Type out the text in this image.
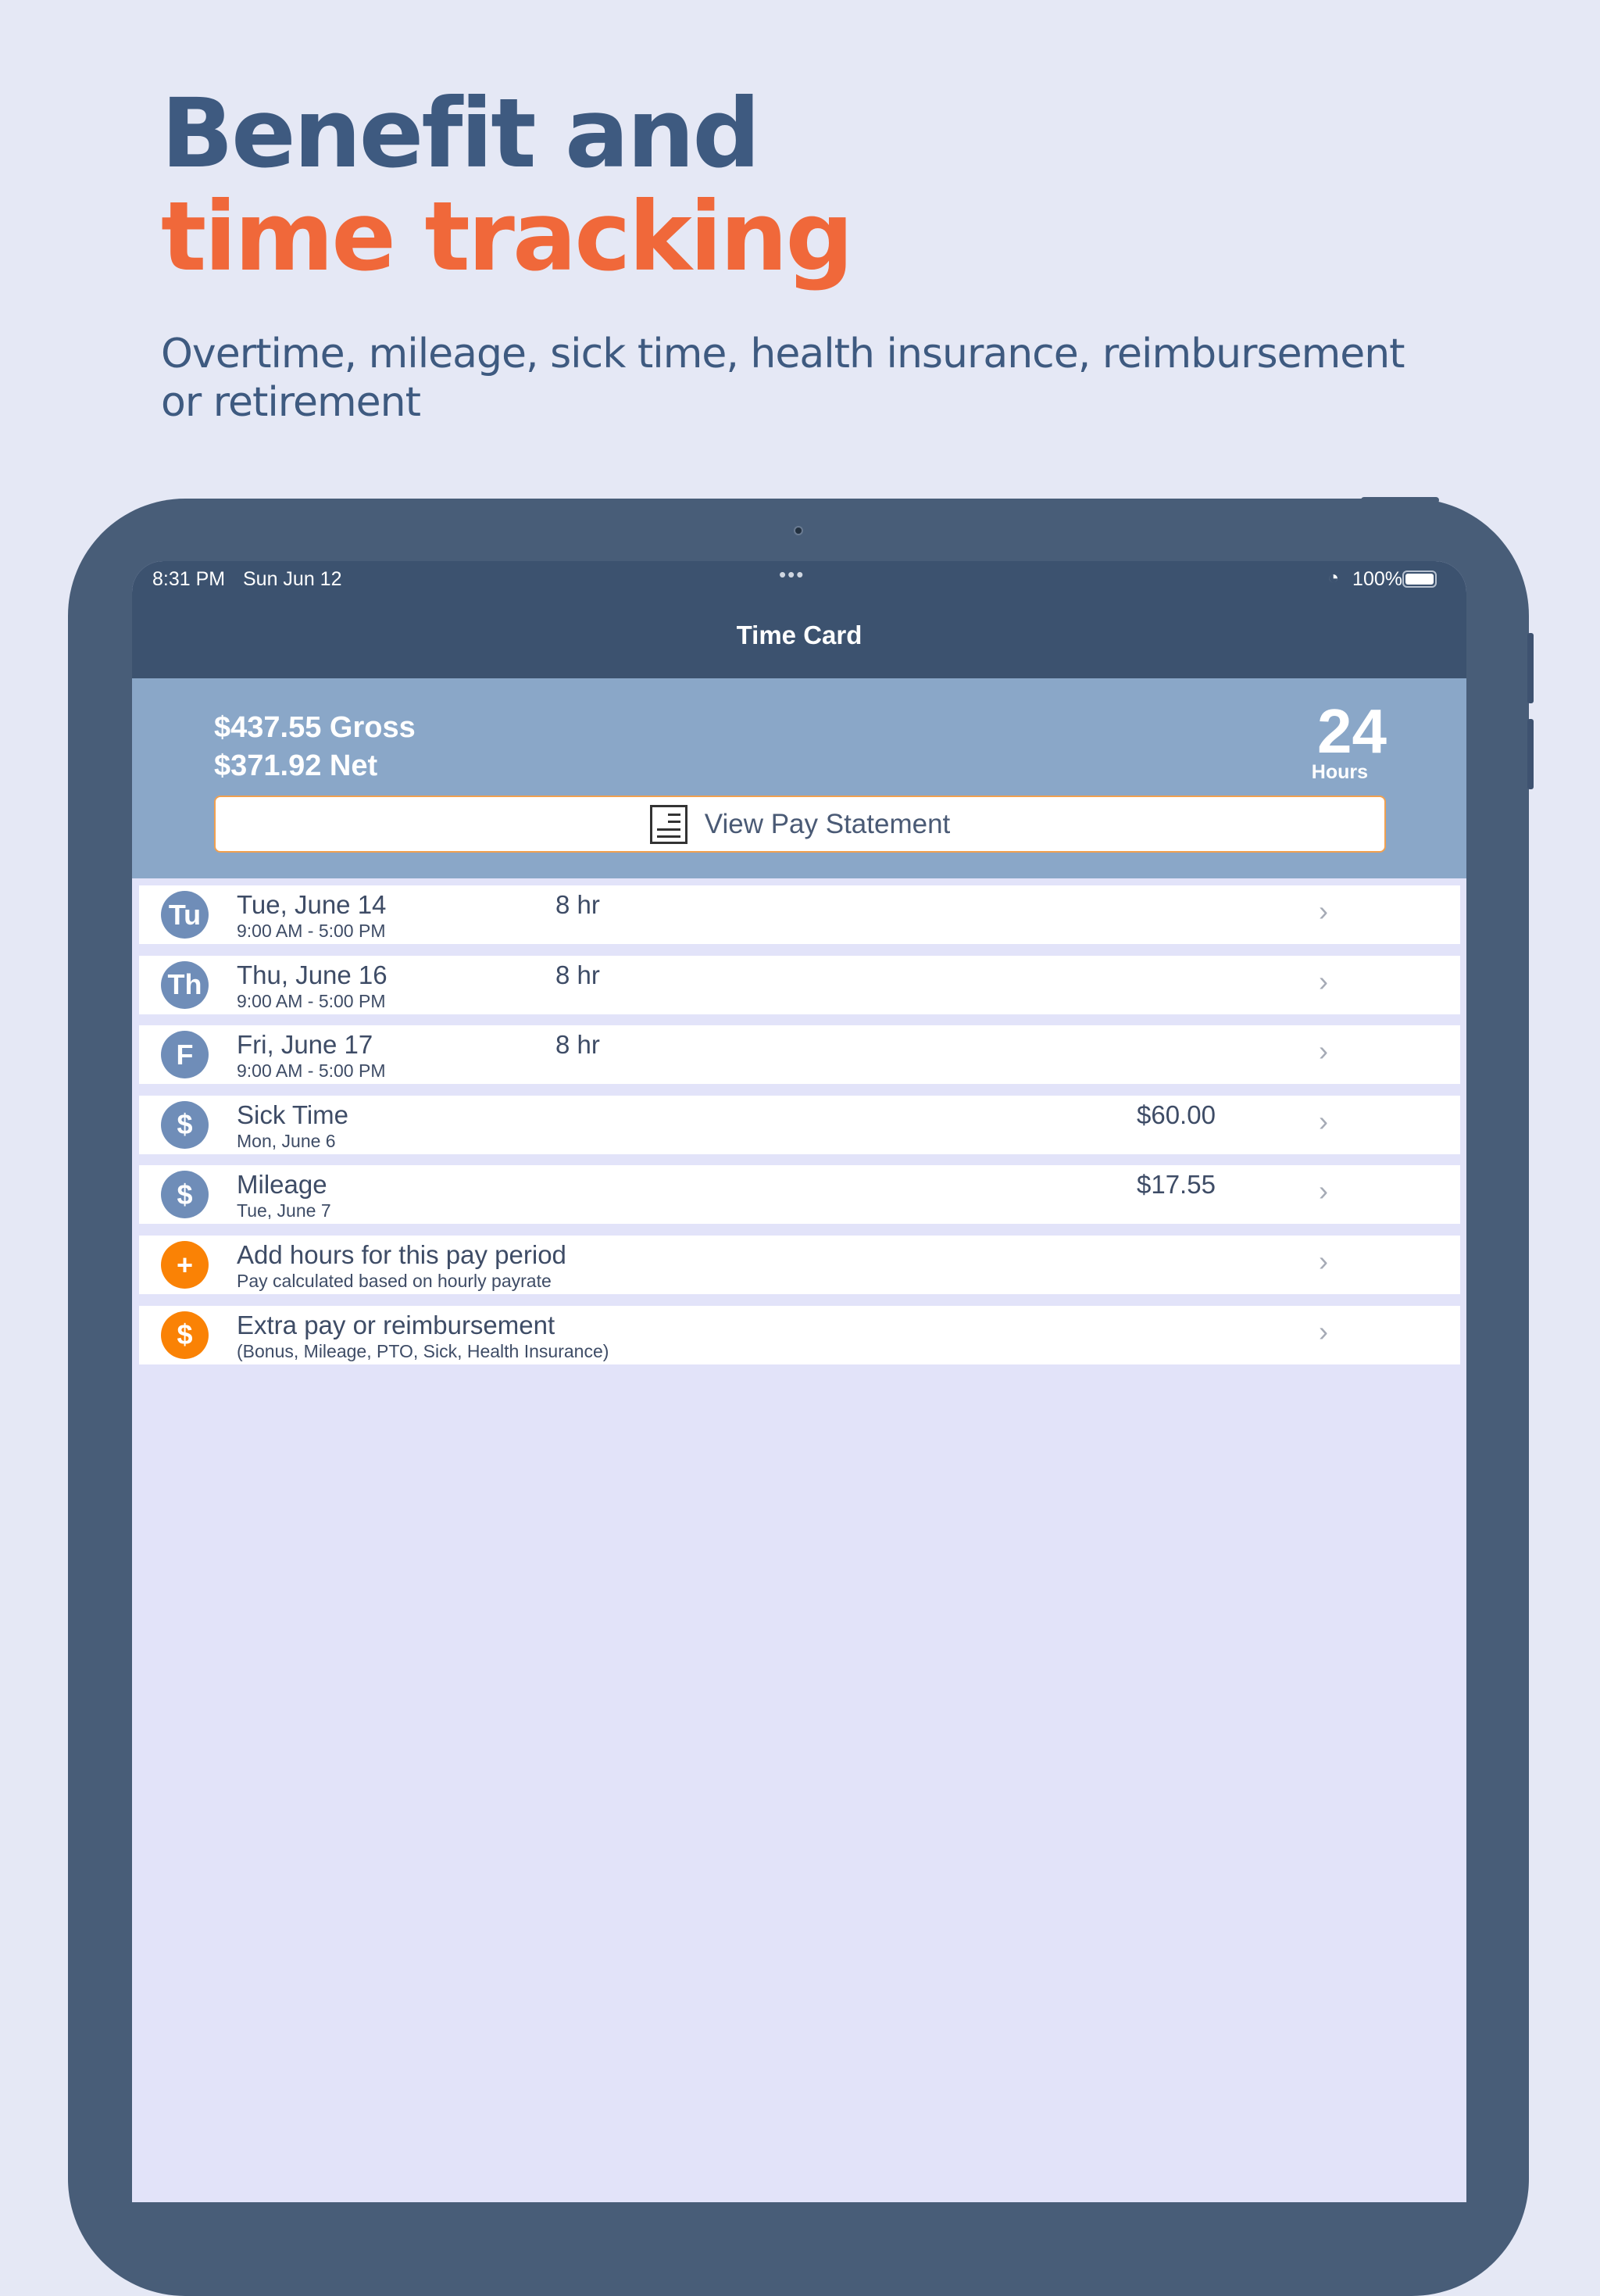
Benefit and
time tracking
Overtime, mileage, sick time, health insurance, reimbursement or retirement
8:31 PM Sun Jun 12	•••	◔ 100%
Time Card
$437.55 Gross
$371.92 Net	24
Hours
View Pay Statement
Tu Tue, June 14
9:00 AM - 5:00 PM
8 hr	›
Th Thu, June 16
9:00 AM - 5:00 PM
8 hr	›
F	Fri, June 17
9:00 AM - 5:00 PM
8 hr	›
$	Sick Time
Mon, June 6
$60.00	›
$	Mileage
Tue, June 7
$17.55	›
+	Add hours for this pay period
Pay calculated based on hourly payrate
›
$	Extra pay or reimbursement
(Bonus, Mileage, PTO, Sick, Health Insurance)
›
